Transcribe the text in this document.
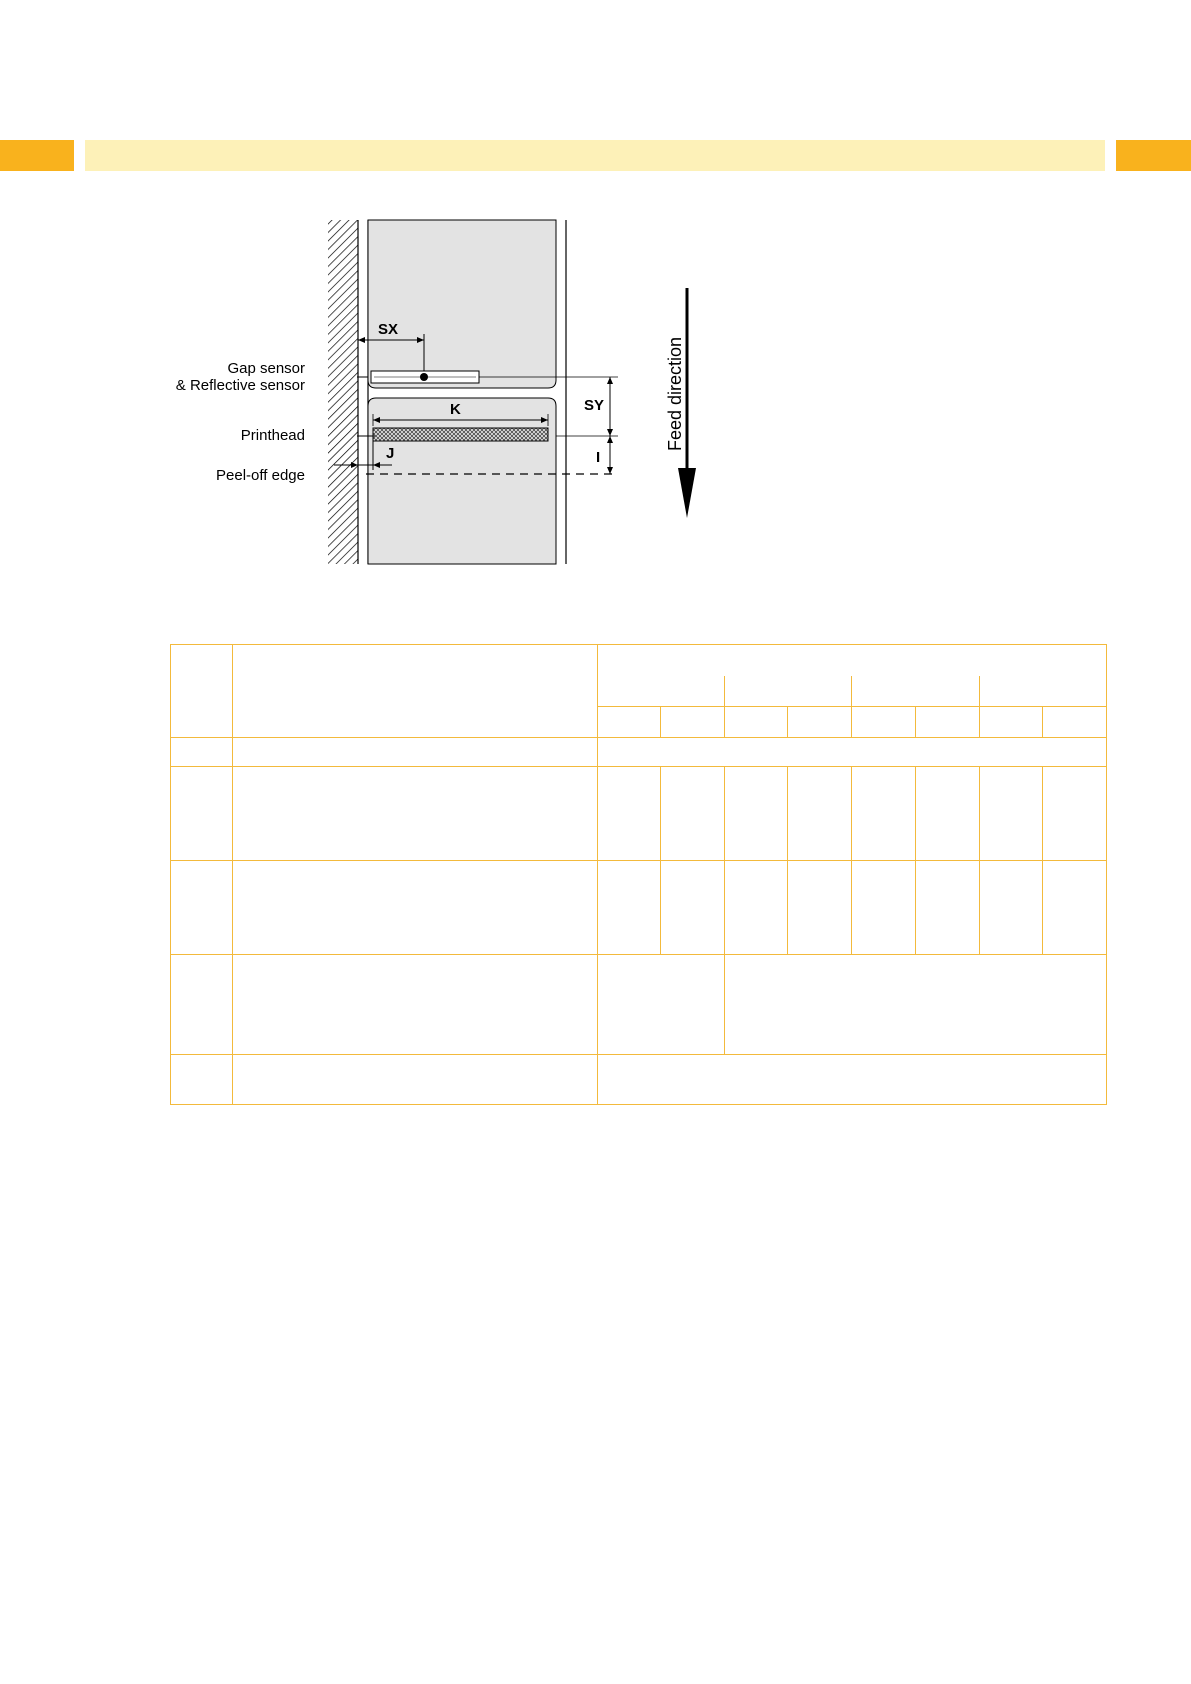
SX
SY
I
K
J
Gap sensor
& Reflective sensor
Printhead
Peel-off edge
Feed direction
